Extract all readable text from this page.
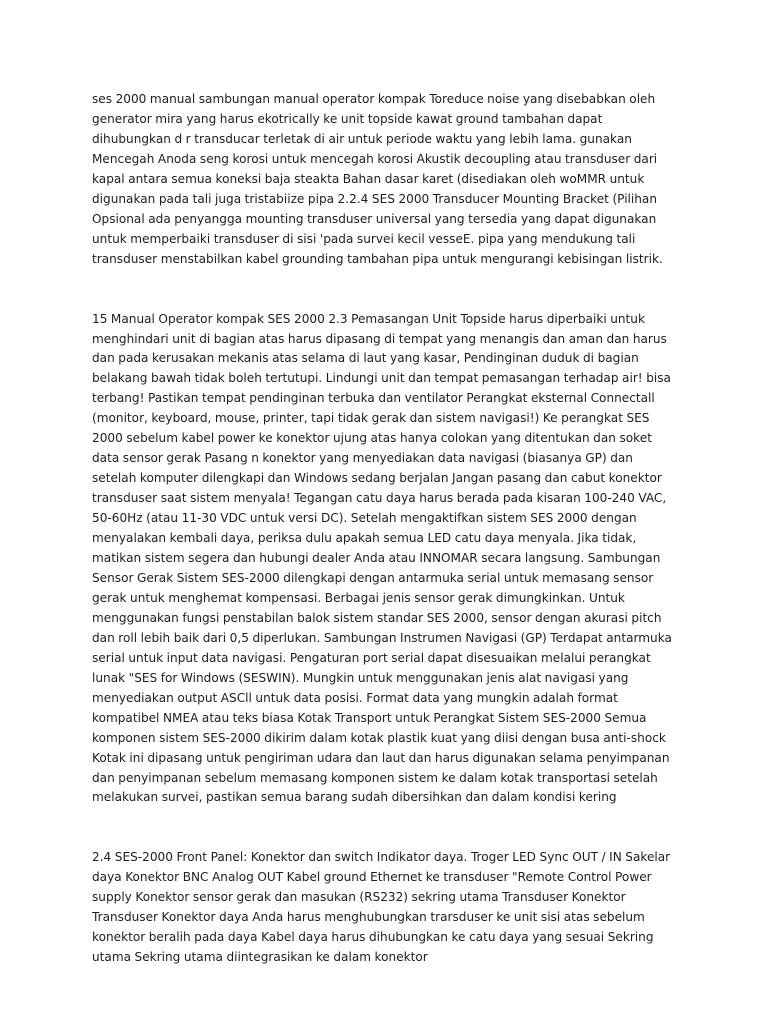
ses 2000 manual sambungan manual operator kompak Toreduce noise yang disebabkan oleh generator mira yang harus ekotrically ke unit topside kawat ground tambahan dapat dihubungkan d r transducar terletak di air untuk periode waktu yang lebih lama. gunakan Mencegah Anoda seng korosi untuk mencegah korosi Akustik decoupling atau transduser dari kapal antara semua koneksi baja steakta Bahan dasar karet (disediakan oleh woMMR untuk digunakan pada tali juga tristabiize pipa 2.2.4 SES 2000 Transducer Mounting Bracket (Pilihan Opsional ada penyangga mounting transduser universal yang tersedia yang dapat digunakan untuk memperbaiki transduser di sisi 'pada survei kecil vesseE. pipa yang mendukung tali transduser menstabilkan kabel grounding tambahan pipa untuk mengurangi kebisingan listrik.

15 Manual Operator kompak SES 2000 2.3 Pemasangan Unit Topside harus diperbaiki untuk menghindari unit di bagian atas harus dipasang di tempat yang menangis dan aman dan harus dan pada kerusakan mekanis atas selama di laut yang kasar, Pendinginan duduk di bagian belakang bawah tidak boleh tertutupi. Lindungi unit dan tempat pemasangan terhadap air! bisa terbang! Pastikan tempat pendinginan terbuka dan ventilator Perangkat eksternal Connectall (monitor, keyboard, mouse, printer, tapi tidak gerak dan sistem navigasi!) Ke perangkat SES 2000 sebelum kabel power ke konektor ujung atas hanya colokan yang ditentukan dan soket data sensor gerak Pasang n konektor yang menyediakan data navigasi (biasanya GP) dan setelah komputer dilengkapi dan Windows sedang berjalan Jangan pasang dan cabut konektor transduser saat sistem menyala! Tegangan catu daya harus berada pada kisaran 100-240 VAC, 50-60Hz (atau 11-30 VDC untuk versi DC). Setelah mengaktifkan sistem SES 2000 dengan menyalakan kembali daya, periksa dulu apakah semua LED catu daya menyala. Jika tidak, matikan sistem segera dan hubungi dealer Anda atau INNOMAR secara langsung. Sambungan Sensor Gerak Sistem SES-2000 dilengkapi dengan antarmuka serial untuk memasang sensor gerak untuk menghemat kompensasi. Berbagai jenis sensor gerak dimungkinkan. Untuk menggunakan fungsi penstabilan balok sistem standar SES 2000, sensor dengan akurasi pitch dan roll lebih baik dari 0,5 diperlukan. Sambungan Instrumen Navigasi (GP) Terdapat antarmuka serial untuk input data navigasi. Pengaturan port serial dapat disesuaikan melalui perangkat lunak "SES for Windows (SESWIN). Mungkin untuk menggunakan jenis alat navigasi yang menyediakan output ASCll untuk data posisi. Format data yang mungkin adalah format kompatibel NMEA atau teks biasa Kotak Transport untuk Perangkat Sistem SES-2000 Semua komponen sistem SES-2000 dikirim dalam kotak plastik kuat yang diisi dengan busa anti-shock Kotak ini dipasang untuk pengiriman udara dan laut dan harus digunakan selama penyimpanan dan penyimpanan sebelum memasang komponen sistem ke dalam kotak transportasi setelah melakukan survei, pastikan semua barang sudah dibersihkan dan dalam kondisi kering

2.4 SES-2000 Front Panel: Konektor dan switch Indikator daya. Troger LED Sync OUT / IN Sakelar daya Konektor BNC Analog OUT Kabel ground Ethernet ke transduser "Remote Control Power supply Konektor sensor gerak dan masukan (RS232) sekring utama Transduser Konektor Transduser Konektor daya Anda harus menghubungkan trarsduser ke unit sisi atas sebelum konektor beralih pada daya Kabel daya harus dihubungkan ke catu daya yang sesuai Sekring utama Sekring utama diintegrasikan ke dalam konektor
